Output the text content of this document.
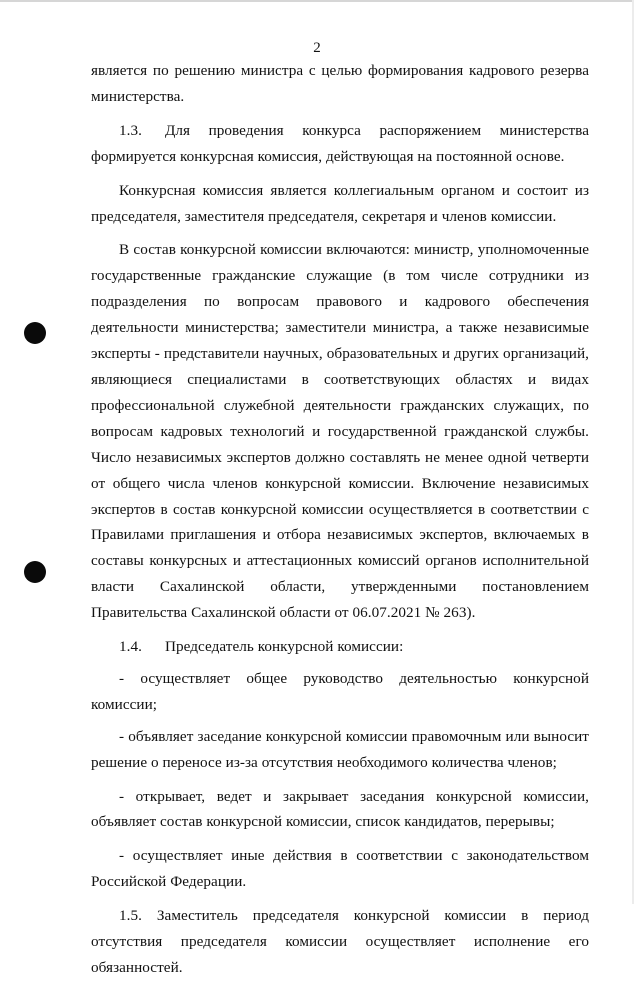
2

является по решению министра с целью формирования кадрового резерва министерства.

1.3. Для проведения конкурса распоряжением министерства формируется конкурсная комиссия, действующая на постоянной основе.

Конкурсная комиссия является коллегиальным органом и состоит из председателя, заместителя председателя, секретаря и членов комиссии.

В состав конкурсной комиссии включаются: министр, уполномоченные государственные гражданские служащие (в том числе сотрудники из подразделения по вопросам правового и кадрового обеспечения деятельности министерства; заместители министра, а также независимые эксперты - представители научных, образовательных и других организаций, являющиеся специалистами в соответствующих областях и видах профессиональной служебной деятельности гражданских служащих, по вопросам кадровых технологий и государственной гражданской службы. Число независимых экспертов должно составлять не менее одной четверти от общего числа членов конкурсной комиссии. Включение независимых экспертов в состав конкурсной комиссии осуществляется в соответствии с Правилами приглашения и отбора независимых экспертов, включаемых в составы конкурсных и аттестационных комиссий органов исполнительной власти Сахалинской области, утвержденными постановлением Правительства Сахалинской области от 06.07.2021 № 263).

1.4. Председатель конкурсной комиссии:

- осуществляет общее руководство деятельностью конкурсной комиссии;

- объявляет заседание конкурсной комиссии правомочным или выносит решение о переносе из-за отсутствия необходимого количества членов;

- открывает, ведет и закрывает заседания конкурсной комиссии, объявляет состав конкурсной комиссии, список кандидатов, перерывы;

- осуществляет иные действия в соответствии с законодательством Российской Федерации.

1.5. Заместитель председателя конкурсной комиссии в период отсутствия председателя комиссии осуществляет исполнение его обязанностей.
